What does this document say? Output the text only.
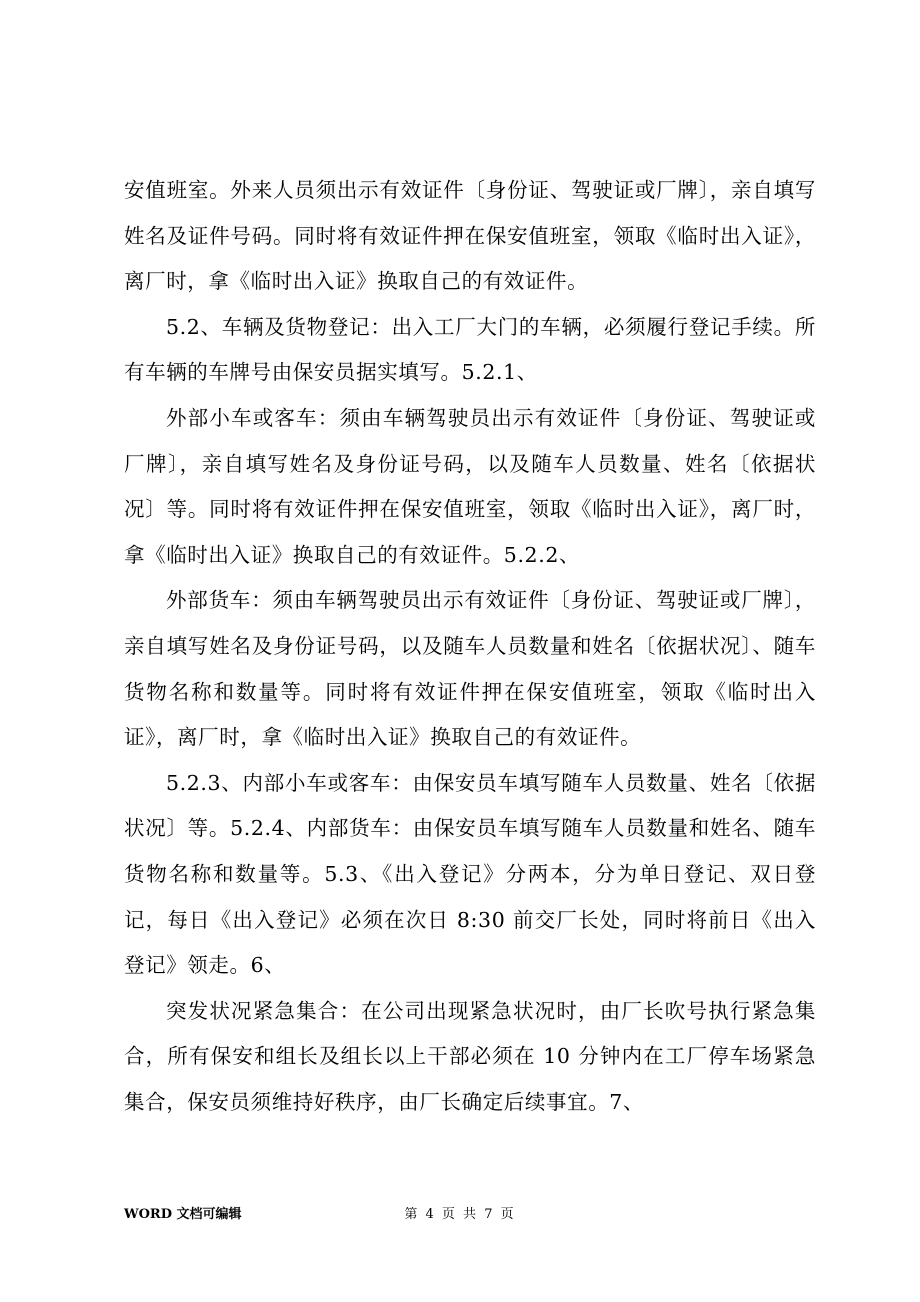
安值班室。外来人员须出示有效证件〔身份证、驾驶证或厂牌〕，亲自填写姓名及证件号码。同时将有效证件押在保安值班室，领取《临时出入证》，离厂时，拿《临时出入证》换取自己的有效证件。

5.2、车辆及货物登记：出入工厂大门的车辆，必须履行登记手续。所有车辆的车牌号由保安员据实填写。5.2.1、

外部小车或客车：须由车辆驾驶员出示有效证件〔身份证、驾驶证或厂牌〕，亲自填写姓名及身份证号码，以及随车人员数量、姓名〔依据状况〕等。同时将有效证件押在保安值班室，领取《临时出入证》，离厂时，拿《临时出入证》换取自己的有效证件。5.2.2、

外部货车：须由车辆驾驶员出示有效证件〔身份证、驾驶证或厂牌〕，亲自填写姓名及身份证号码，以及随车人员数量和姓名〔依据状况〕、随车货物名称和数量等。同时将有效证件押在保安值班室，领取《临时出入证》，离厂时，拿《临时出入证》换取自己的有效证件。

5.2.3、内部小车或客车：由保安员车填写随车人员数量、姓名〔依据状况〕等。5.2.4、内部货车：由保安员车填写随车人员数量和姓名、随车货物名称和数量等。5.3、《出入登记》分两本，分为单日登记、双日登记，每日《出入登记》必须在次日 8:30 前交厂长处，同时将前日《出入登记》领走。6、

突发状况紧急集合：在公司出现紧急状况时，由厂长吹号执行紧急集合，所有保安和组长及组长以上干部必须在 10 分钟内在工厂停车场紧急集合，保安员须维持好秩序，由厂长确定后续事宜。7、

第 4 页 共 7 页
WORD 文档可编辑
